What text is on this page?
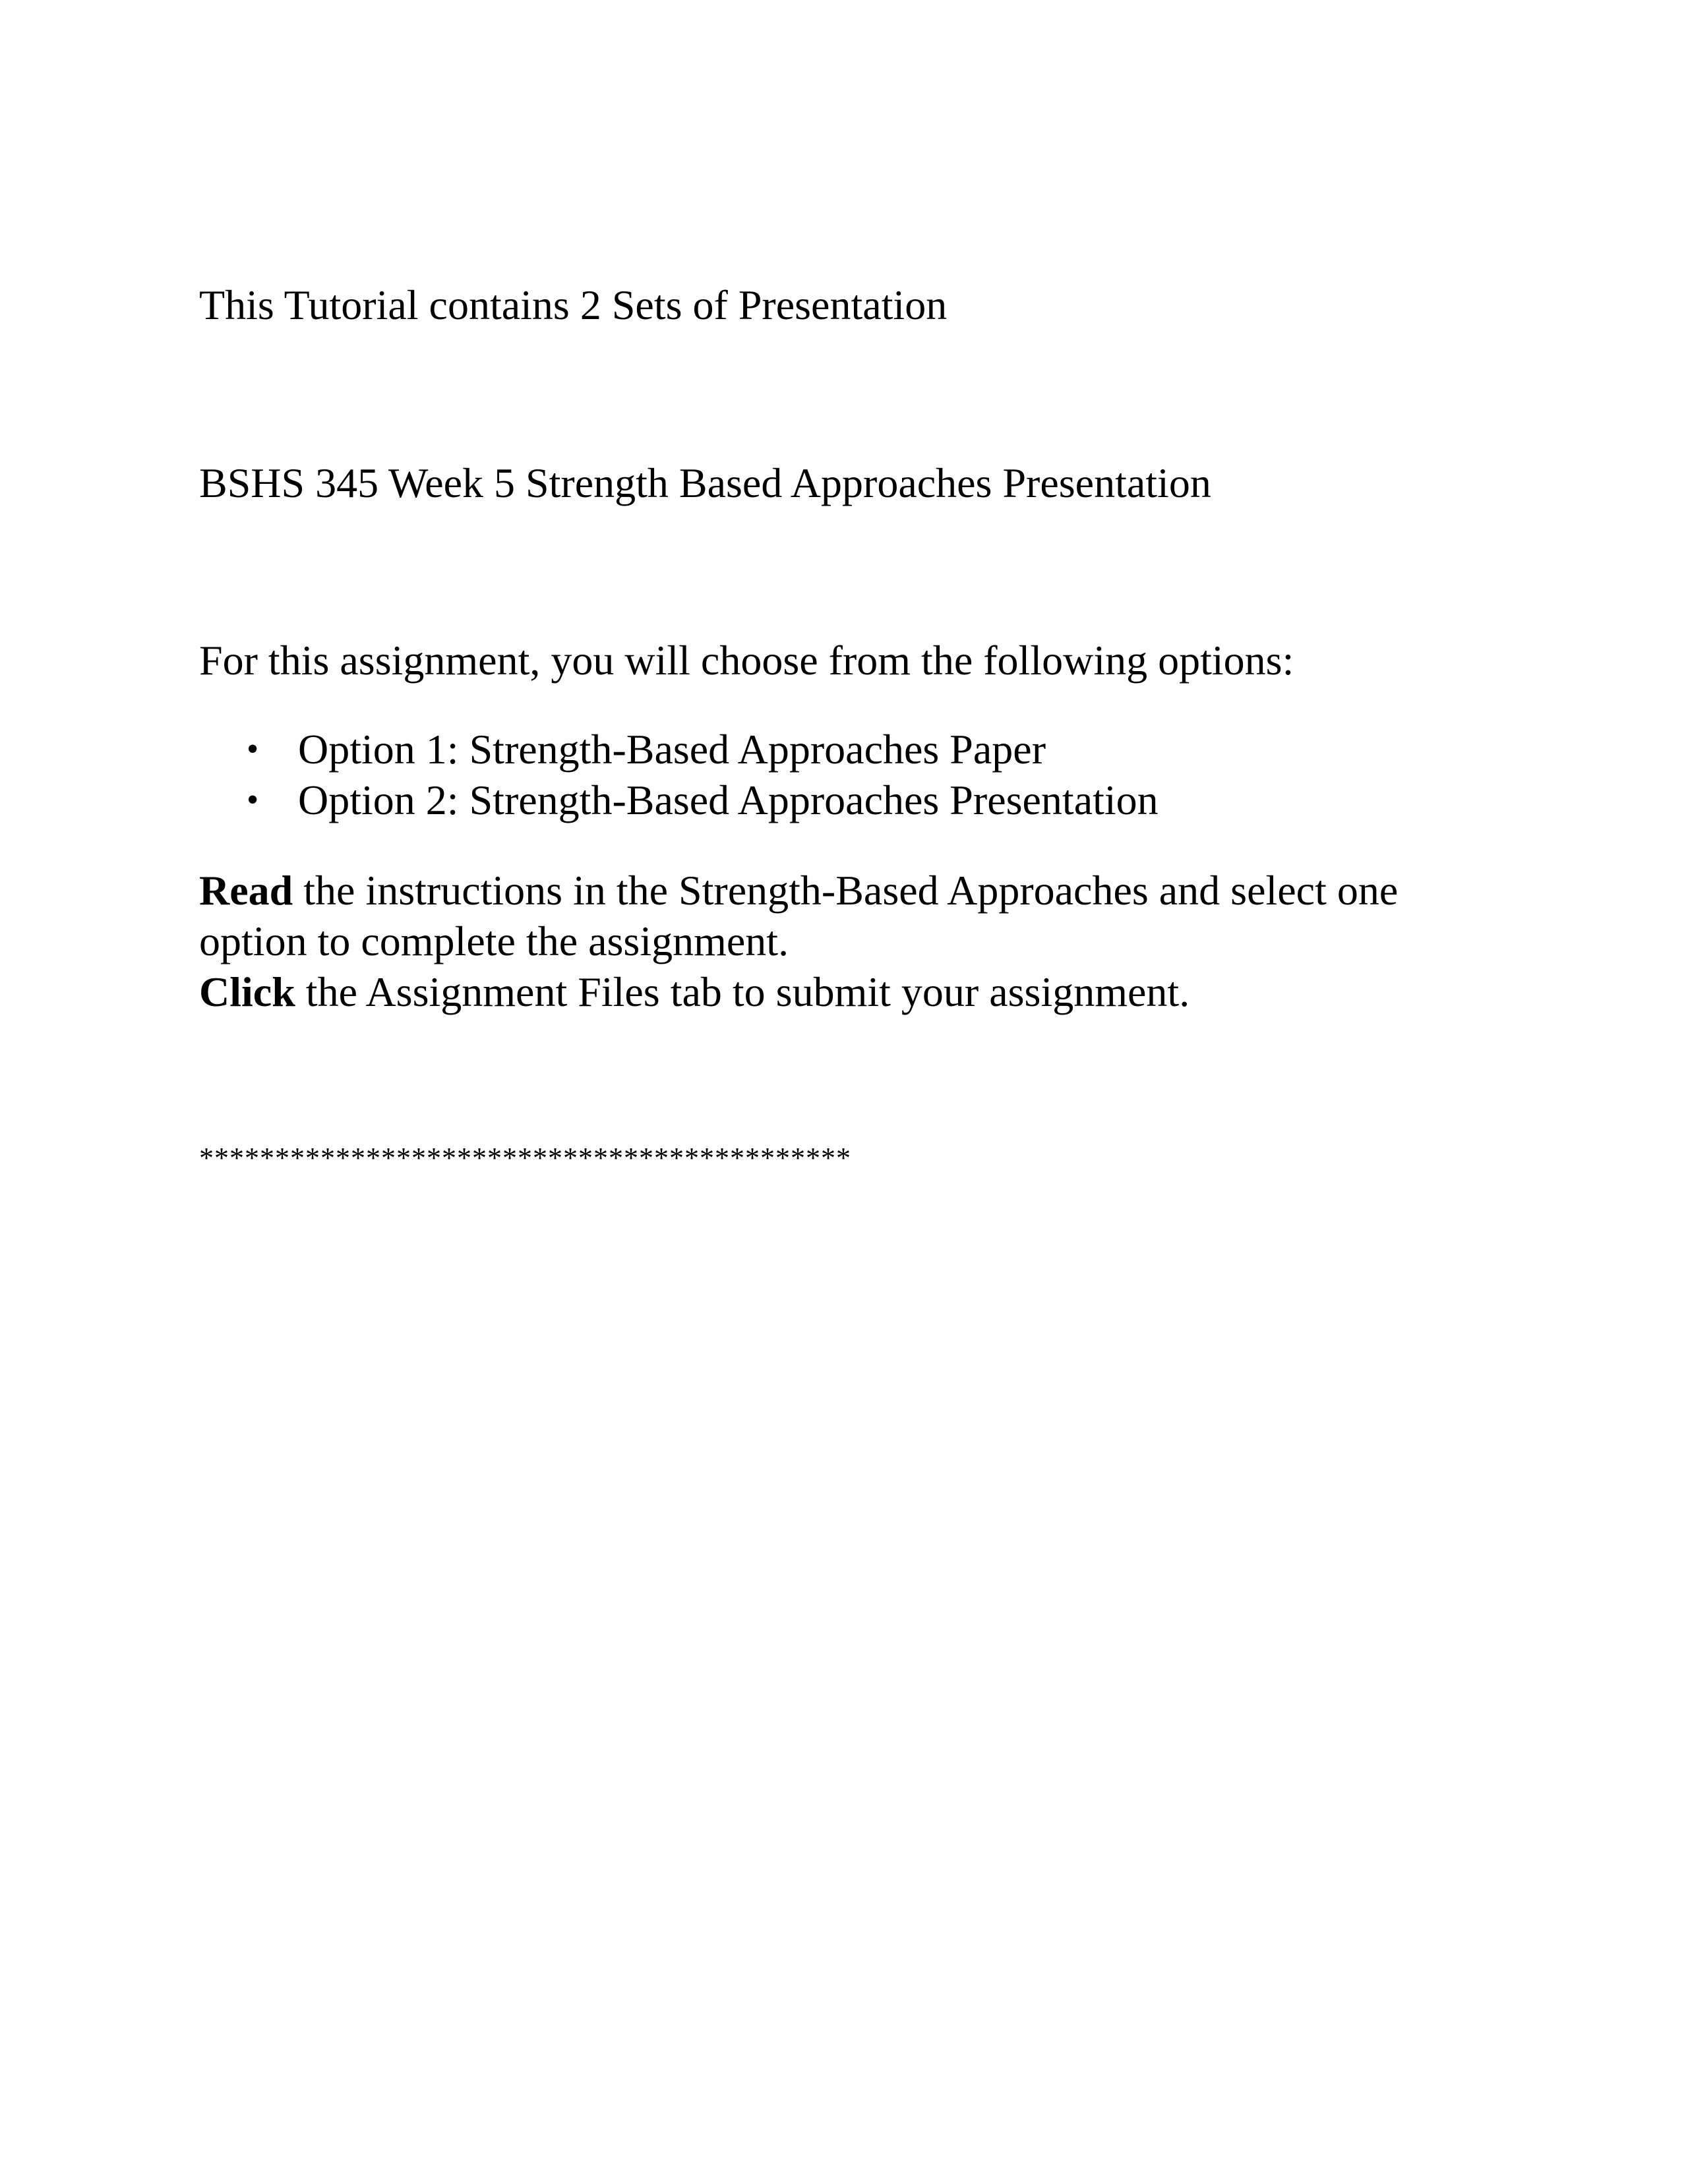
This Tutorial contains 2 Sets of Presentation

BSHS 345 Week 5 Strength Based Approaches Presentation

For this assignment, you will choose from the following options:

• Option 1: Strength-Based Approaches Paper
• Option 2: Strength-Based Approaches Presentation

Read the instructions in the Strength-Based Approaches and select one
option to complete the assignment.
Click the Assignment Files tab to submit your assignment.

*******************************************
